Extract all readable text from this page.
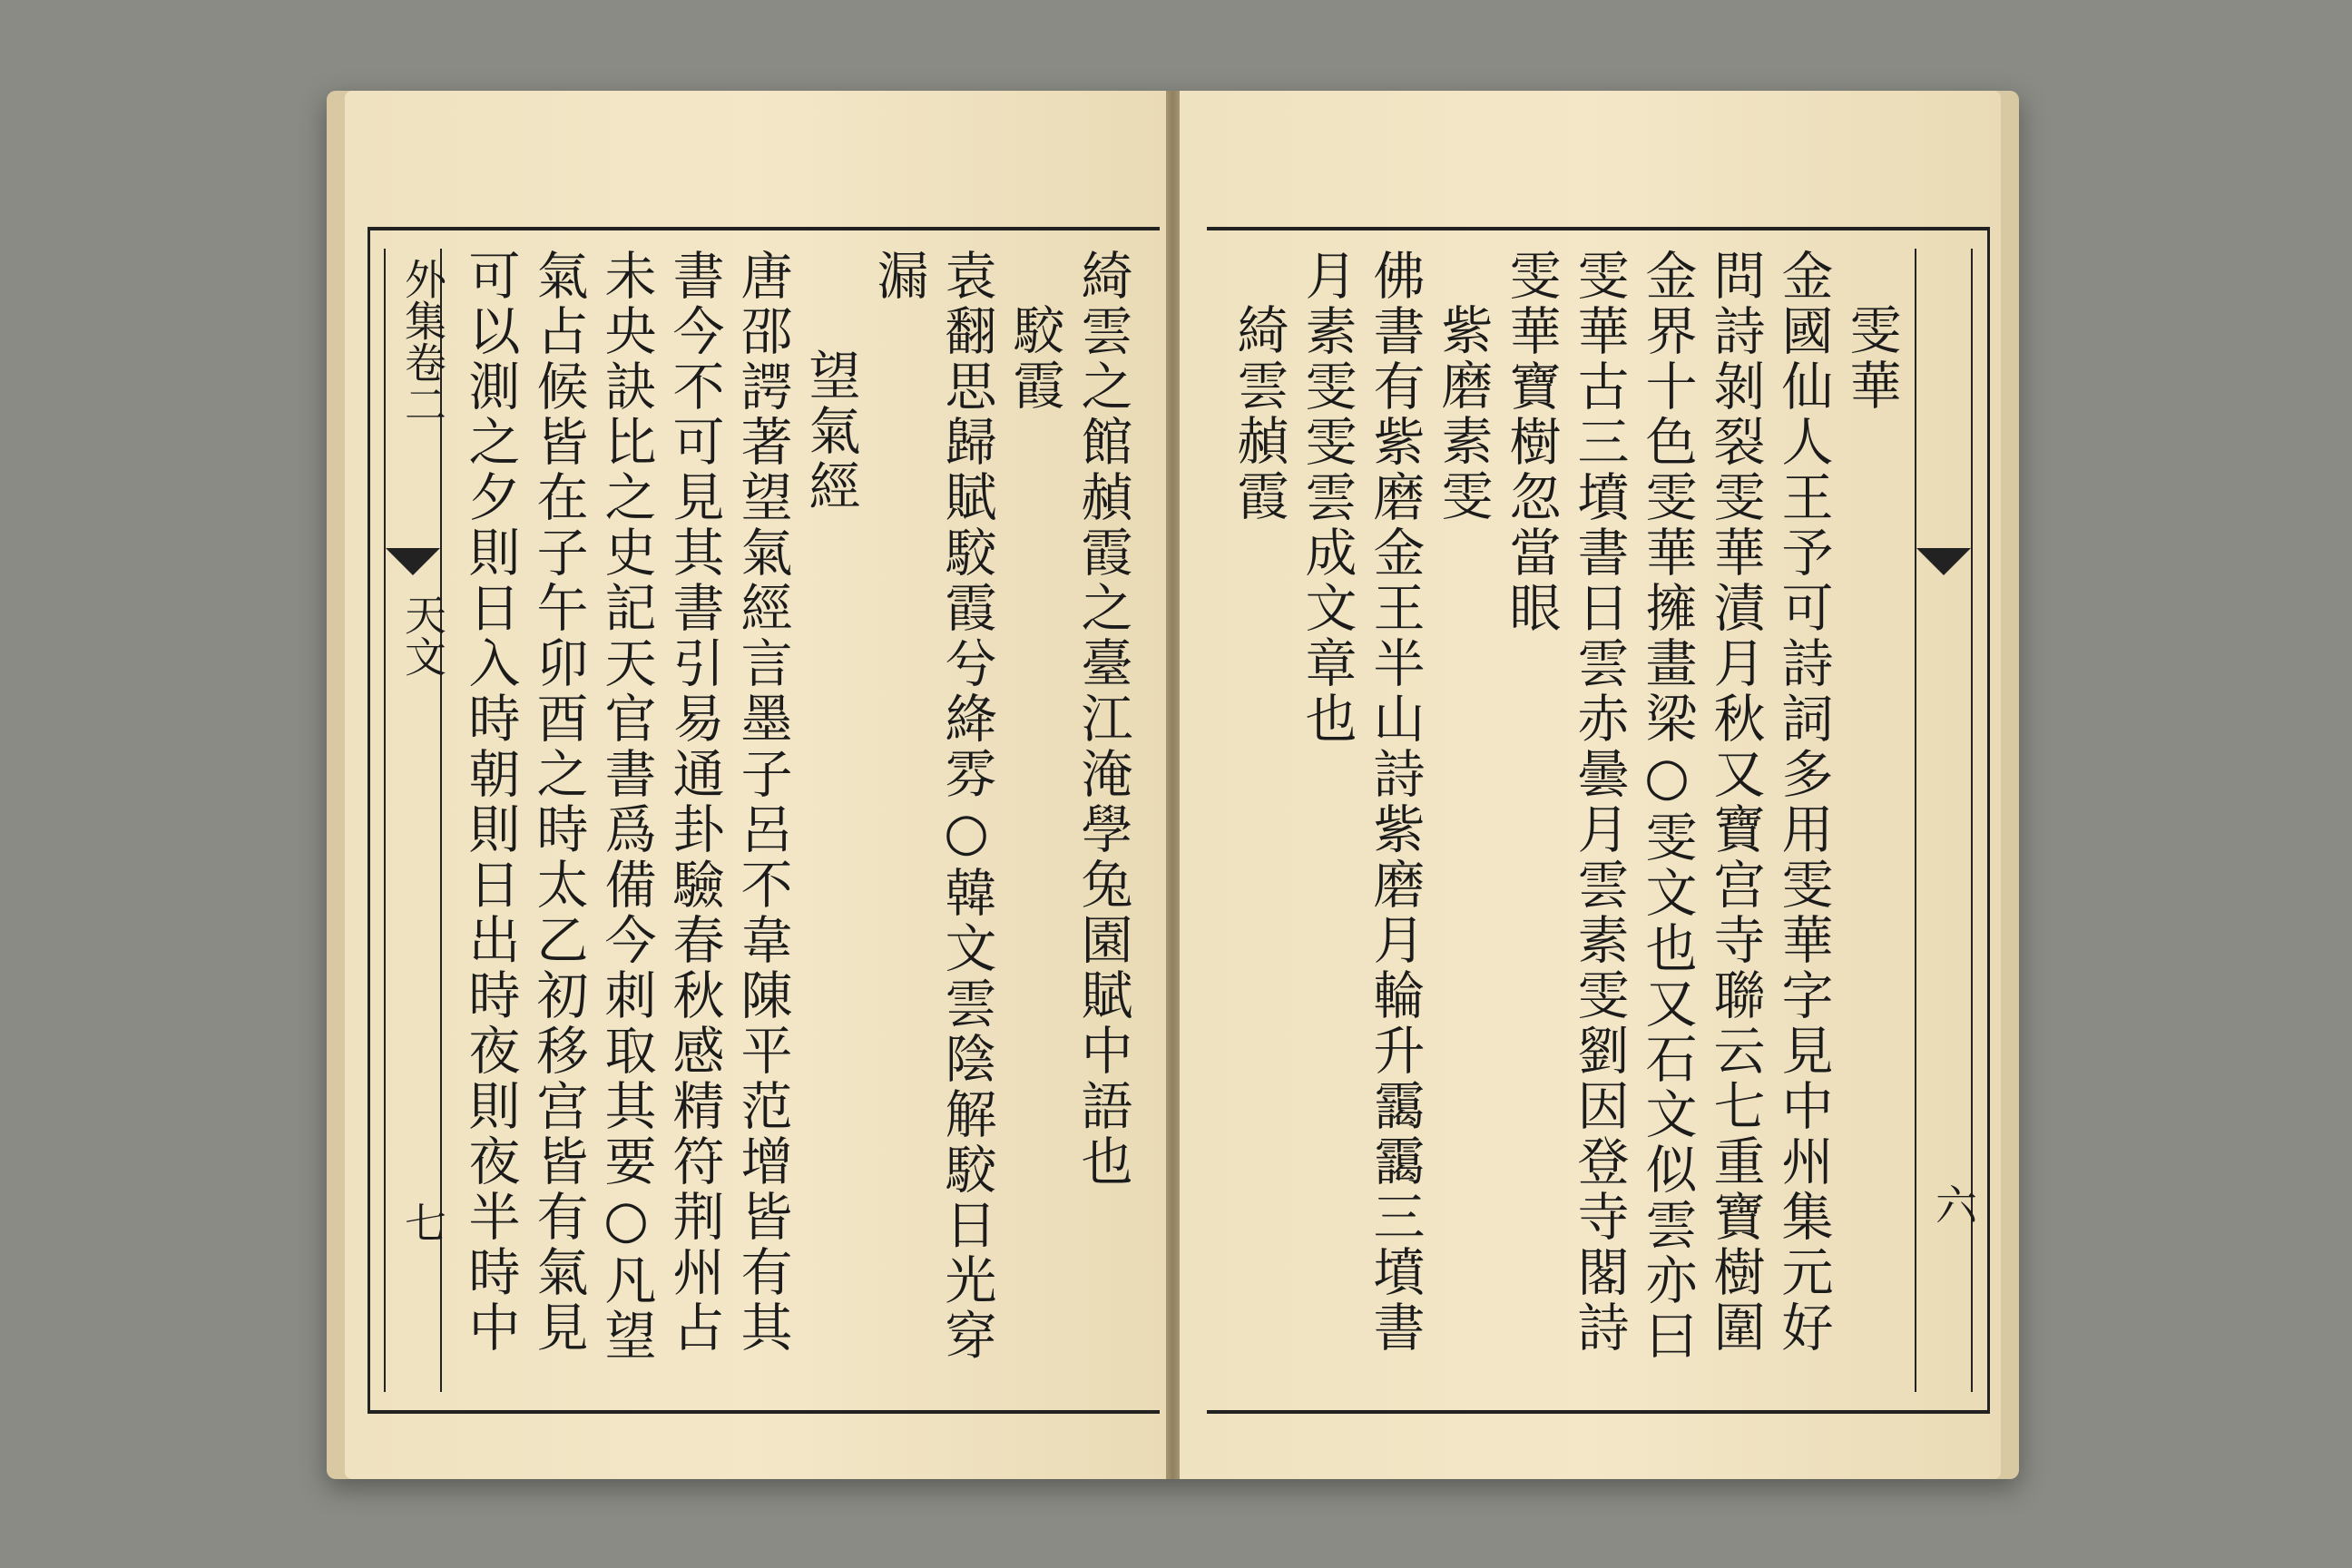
綺雲之館赬霞之臺江淹學兔園賦中語也
駮霞
袁翻思歸賦駮霞兮絳雰○韓文雲陰解駮日光穿
漏
望氣經
唐邵諤著望氣經言墨子呂不韋陳平范增皆有其
書今不可見其書引易通卦驗春秋感精符荆州占
未央訣比之史記天官書爲備今刺取其要○凡望
氣占候皆在子午卯酉之時太乙初移宫皆有氣見
可以測之夕則日入時朝則日出時夜則夜半時中
外集卷二
天文
七	六
雯華
金國仙人王予可詩詞多用雯華字見中州集元好
問詩剝裂雯華漬月秋又寶宫寺聯云七重寶樹圍
金界十色雯華擁畫梁○雯文也又石文似雲亦曰
雯華古三墳書日雲赤曇月雲素雯劉因登寺閣詩
雯華寶樹忽當眼
紫磨素雯
佛書有紫磨金王半山詩紫磨月輪升靄靄三墳書
月素雯雯雲成文章也
綺雲赬霞
